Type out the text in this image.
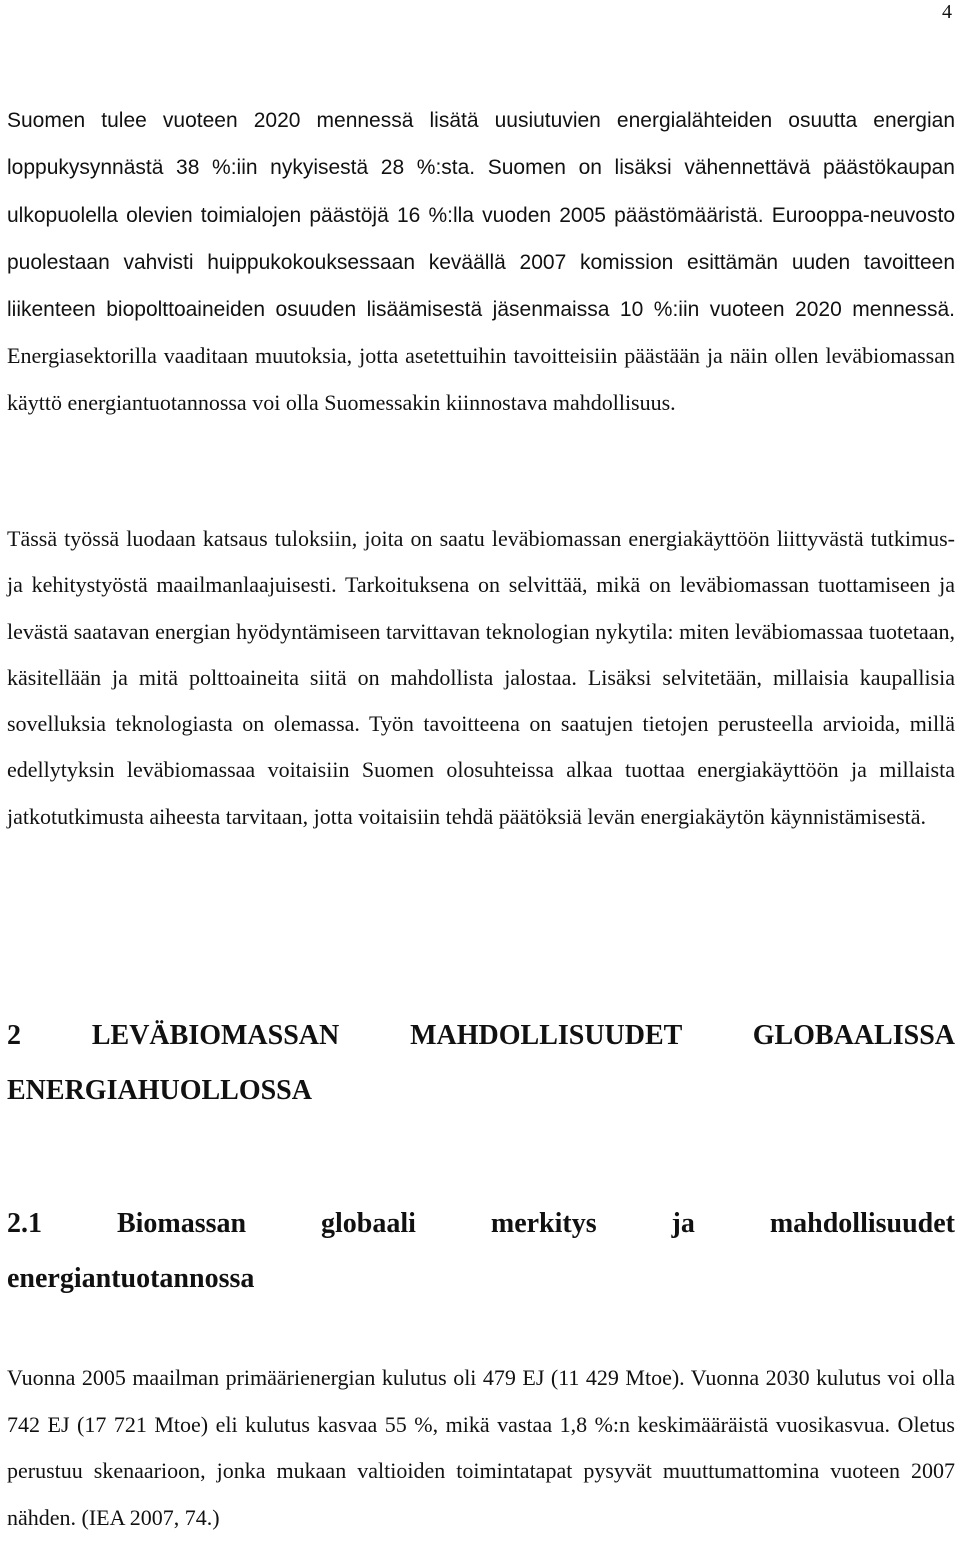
4

Suomen tulee vuoteen 2020 mennessä lisätä uusiutuvien energialähteiden osuutta energian loppukysynnästä 38 %:iin nykyisestä 28 %:sta. Suomen on lisäksi vähennettävä päästökaupan ulkopuolella olevien toimialojen päästöjä 16 %:lla vuoden 2005 päästömääristä. Eurooppa-neuvosto puolestaan vahvisti huippukokouksessaan keväällä 2007 komission esittämän uuden tavoitteen liikenteen biopolttoaineiden osuuden lisäämisestä jäsenmaissa 10 %:iin vuoteen 2020 mennessä. Energiasektorilla vaaditaan muutoksia, jotta asetettuihin tavoitteisiin päästään ja näin ollen leväbiomassan käyttö energiantuotannossa voi olla Suomessakin kiinnostava mahdollisuus.

Tässä työssä luodaan katsaus tuloksiin, joita on saatu leväbiomassan energiakäyttöön liittyvästä tutkimus- ja kehitystyöstä maailmanlaajuisesti. Tarkoituksena on selvittää, mikä on leväbiomassan tuottamiseen ja levästä saatavan energian hyödyntämiseen tarvittavan teknologian nykytila: miten leväbiomassaa tuotetaan, käsitellään ja mitä polttoaineita siitä on mahdollista jalostaa. Lisäksi selvitetään, millaisia kaupallisia sovelluksia teknologiasta on olemassa. Työn tavoitteena on saatujen tietojen perusteella arvioida, millä edellytyksin leväbiomassaa voitaisiin Suomen olosuhteissa alkaa tuottaa energiakäyttöön ja millaista jatkotutkimusta aiheesta tarvitaan, jotta voitaisiin tehdä päätöksiä levän energiakäytön käynnistämisestä.

2 LEVÄBIOMASSAN MAHDOLLISUUDET GLOBAALISSA
ENERGIAHUOLLOSSA
2.1 Biomassan globaali merkitys ja mahdollisuudet
energiantuotannossa

Vuonna 2005 maailman primäärienergian kulutus oli 479 EJ (11 429 Mtoe). Vuonna 2030 kulutus voi olla 742 EJ (17 721 Mtoe) eli kulutus kasvaa 55 %, mikä vastaa 1,8 %:n keskimääräistä vuosikasvua. Oletus perustuu skenaarioon, jonka mukaan valtioiden toimintatapat pysyvät muuttumattomina vuoteen 2007 nähden. (IEA 2007, 74.)
